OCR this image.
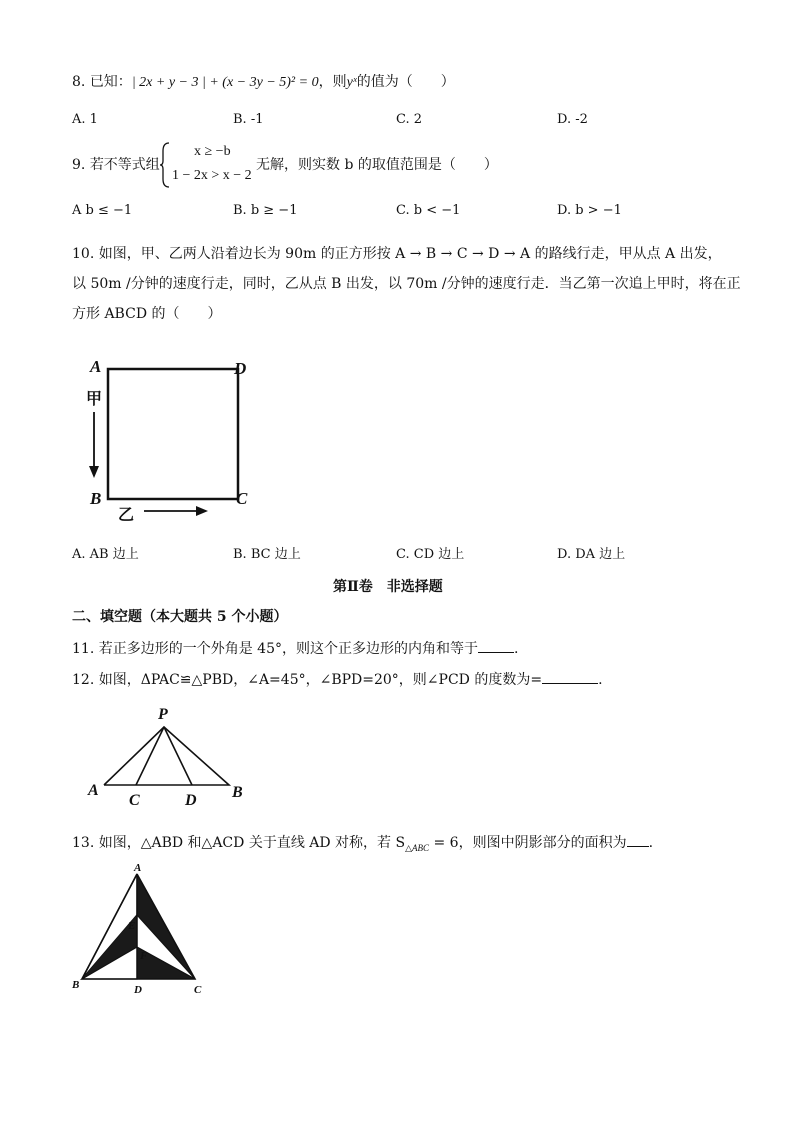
8. 已知：| 2x + y − 3 | + (x − 3y − 5)² = 0，则yˣ的值为（　　）
A. 1	B. -1	C. 2	D. -2
9. 若不等式组
x ≥ −b
1 − 2x > x − 2
无解，则实数 b 的取值范围是（　　）
A b ≤ −1	B. b ≥ −1	C. b < −1	D. b > −1
10. 如图，甲、乙两人沿着边长为 90m 的正方形按 A → B → C → D → A 的路线行走，甲从点 A 出发，
以 50m /分钟的速度行走，同时，乙从点 B 出发，以 70m /分钟的速度行走．当乙第一次追上甲时，将在正
方形 ABCD 的（　　）
A	D
B	C
甲
乙
A. AB 边上	B. BC 边上	C. CD 边上	D. DA 边上
第Ⅱ卷　非选择题
二、填空题（本大题共 5 个小题）
11. 若正多边形的一个外角是 45°，则这个正多边形的内角和等于	.
12. 如图，ΔPAC≌△PBD，∠A=45°，∠BPD=20°，则∠PCD 的度数为=	.
P
A
C	D B
13. 如图，△ABD 和△ACD 关于直线 AD 对称，若 $S_{\triangle ABC} = 6$，则图中阴影部分的面积为 .
A
E
F
B	D	C
